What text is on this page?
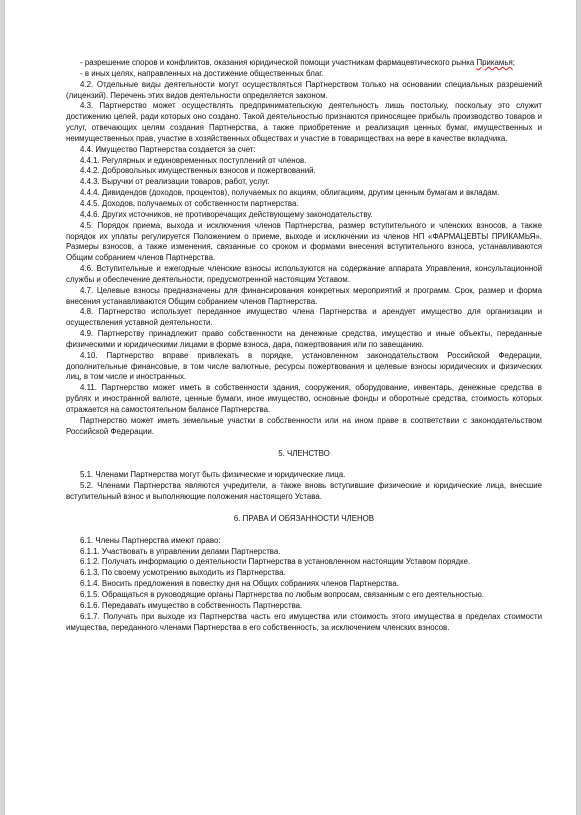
- разрешение споров и конфликтов, оказания юридической помощи участникам фармацевтического рынка Прикамья;

- в иных целях, направленных на достижение общественных благ.

4.2. Отдельные виды деятельности могут осуществляться Партнерством только на основании специальных разрешений (лицензий). Перечень этих видов деятельности определяется законом.

4.3. Партнерство может осуществлять предпринимательскую деятельность лишь постольку, поскольку это служит достижению целей, ради которых оно создано. Такой деятельностью признаются приносящее прибыль производство товаров и услуг, отвечающих целям создания Партнерства, а также приобретение и реализация ценных бумаг, имущественных и неимущественных прав, участие в хозяйственных обществах и участие в товариществах на вере в качестве вкладчика.

4.4. Имущество Партнерства создается за счет:

4.4.1. Регулярных и единовременных поступлений от членов.

4.4.2. Добровольных имущественных взносов и пожертвований.

4.4.3. Выручки от реализации товаров, работ, услуг.

4.4.4. Дивидендов (доходов, процентов), получаемых по акциям, облигациям, другим ценным бумагам и вкладам.

4.4.5. Доходов, получаемых от собственности партнерства.

4.4.6. Других источников, не противоречащих действующему законодательству.

4.5. Порядок приема, выхода и исключения членов Партнерства, размер вступительного и членских взносов, а также порядок их уплаты регулируется Положением о приеме, выходе и исключении из членов НП «ФАРМАЦЕВТЫ ПРИКАМЬЯ». Размеры взносов, а также изменения, связанные со сроком и формами внесения вступительного взноса, устанавливаются Общим собранием членов Партнерства.

4.6. Вступительные и ежегодные членские взносы используются на содержание аппарата Управления, консультационной службы и обеспечение деятельности, предусмотренной настоящим Уставом.

4.7. Целевые взносы предназначены для финансирования конкретных мероприятий и программ. Срок, размер и форма внесения устанавливаются Общим собранием членов Партнерства.

4.8. Партнерство использует переданное имущество члена Партнерства и арендует имущество для организации и осуществления уставной деятельности.

4.9. Партнерству принадлежит право собственности на денежные средства, имущество и иные объекты, переданные физическими и юридическими лицами в форме взноса, дара, пожертвования или по завещанию.

4.10. Партнерство вправе привлекать в порядке, установленном законодательством Российской Федерации, дополнительные финансовые, в том числе валютные, ресурсы пожертвования и целевые взносы юридических и физических лиц, в том числе и иностранных.

4.11. Партнерство может иметь в собственности здания, сооружения, оборудование, инвентарь, денежные средства в рублях и иностранной валюте, ценные бумаги, иное имущество, основные фонды и оборотные средства, стоимость которых отражается на самостоятельном балансе Партнерства.

Партнерство может иметь земельные участки в собственности или на ином праве в соответствии с законодательством Российской Федерации.

5. ЧЛЕНСТВО

5.1. Членами Партнерства могут быть физические и юридические лица.

5.2. Членами Партнерства являются учредители, а также вновь вступившие физические и юридические лица, внесшие вступительный взнос и выполняющие положения настоящего Устава.

6. ПРАВА И ОБЯЗАННОСТИ ЧЛЕНОВ

6.1. Члены Партнерства имеют право:

6.1.1. Участвовать в управлении делами Партнерства.

6.1.2. Получать информацию о деятельности Партнерства в установленном настоящим Уставом порядке.

6.1.3. По своему усмотрению выходить из Партнерства.

6.1.4. Вносить предложения в повестку дня на Общих собраниях членов Партнерства.

6.1.5. Обращаться в руководящие органы Партнерства по любым вопросам, связанным с его деятельностью.

6.1.6. Передавать имущество в собственность Партнерства.

6.1.7. Получать при выходе из Партнерства часть его имущества или стоимость этого имущества в пределах стоимости имущества, переданного членами Партнерства в его собственность, за исключением членских взносов.
